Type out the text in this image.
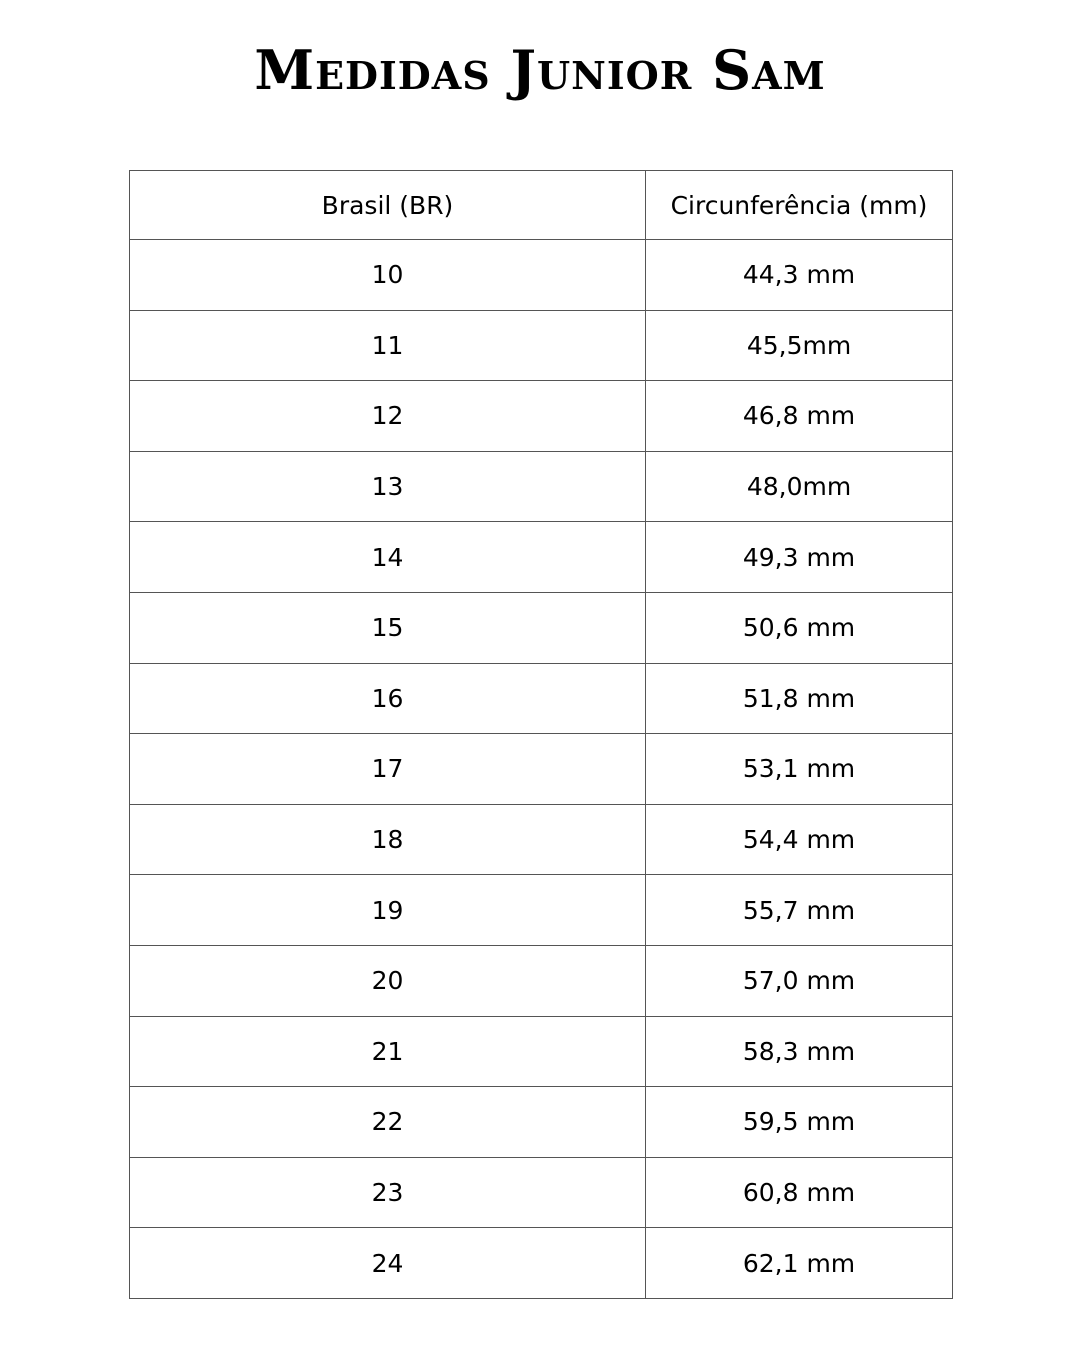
Medidas Junior Sam
Brasil (BR)	Circunferência (mm)
10	44,3 mm
11	45,5mm
12	46,8 mm
13	48,0mm
14	49,3 mm
15	50,6 mm
16	51,8 mm
17	53,1 mm
18	54,4 mm
19	55,7 mm
20	57,0 mm
21	58,3 mm
22	59,5 mm
23	60,8 mm
24	62,1 mm
